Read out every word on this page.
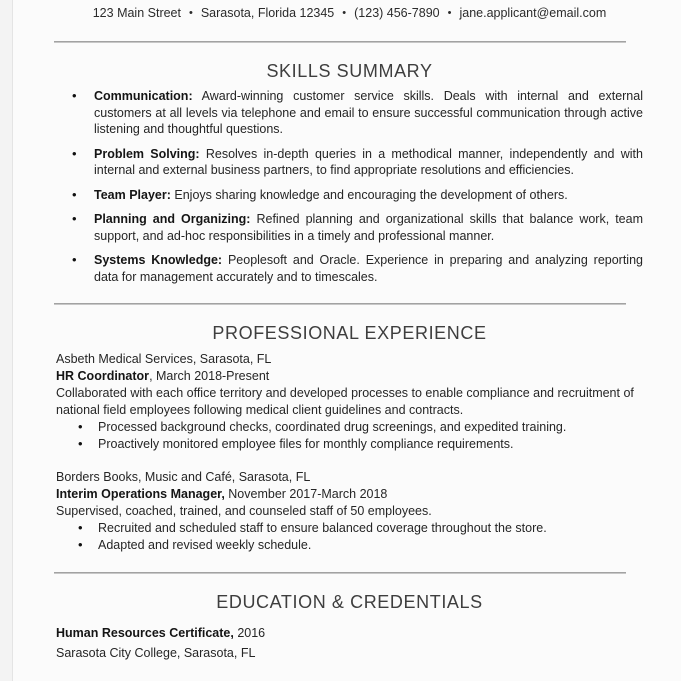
123 Main Street • Sarasota, Florida 12345 • (123) 456-7890 • jane.applicant@email.com
SKILLS SUMMARY
• Communication: Award-winning customer service skills. Deals with internal and external customers at all levels via telephone and email to ensure successful communication through active listening and thoughtful questions.
• Problem Solving: Resolves in-depth queries in a methodical manner, independently and with internal and external business partners, to find appropriate resolutions and efficiencies.
• Team Player: Enjoys sharing knowledge and encouraging the development of others.
• Planning and Organizing: Refined planning and organizational skills that balance work, team support, and ad-hoc responsibilities in a timely and professional manner.
• Systems Knowledge: Peoplesoft and Oracle. Experience in preparing and analyzing reporting data for management accurately and to timescales.
PROFESSIONAL EXPERIENCE
Asbeth Medical Services, Sarasota, FL
HR Coordinator, March 2018-Present
Collaborated with each office territory and developed processes to enable compliance and recruitment of national field employees following medical client guidelines and contracts.
• Processed background checks, coordinated drug screenings, and expedited training.
• Proactively monitored employee files for monthly compliance requirements.
Borders Books, Music and Café, Sarasota, FL
Interim Operations Manager, November 2017-March 2018
Supervised, coached, trained, and counseled staff of 50 employees.
• Recruited and scheduled staff to ensure balanced coverage throughout the store.
• Adapted and revised weekly schedule.
EDUCATION & CREDENTIALS
Human Resources Certificate, 2016
Sarasota City College, Sarasota, FL
